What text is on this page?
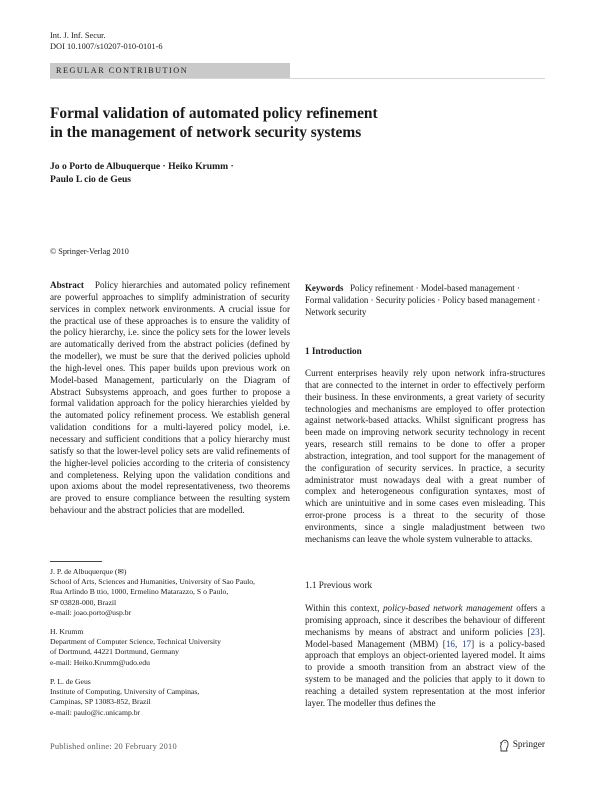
Int. J. Inf. Secur.
DOI 10.1007/s10207-010-0101-6
REGULAR CONTRIBUTION
Formal validation of automated policy refinement
in the management of network security systems
Jo o Porto de Albuquerque · Heiko Krumm ·
Paulo L cio de Geus
© Springer-Verlag 2010
Abstract Policy hierarchies and automated policy refinement are powerful approaches to simplify administration of security services in complex network environments. A crucial issue for the practical use of these approaches is to ensure the validity of the policy hierarchy, i.e. since the policy sets for the lower levels are automatically derived from the abstract policies (defined by the modeller), we must be sure that the derived policies uphold the high-level ones. This paper builds upon previous work on Model-based Management, particularly on the Diagram of Abstract Subsystems approach, and goes further to propose a formal validation approach for the policy hierarchies yielded by the automated policy refinement process. We establish general validation conditions for a multi-layered policy model, i.e. necessary and sufficient conditions that a policy hierarchy must satisfy so that the lower-level policy sets are valid refinements of the higher-level policies according to the criteria of consistency and completeness. Relying upon the validation conditions and upon axioms about the model representativeness, two theorems are proved to ensure compliance between the resulting system behaviour and the abstract policies that are modelled.
J. P. de Albuquerque (✉)
School of Arts, Sciences and Humanities, University of Sao Paulo,
Rua Arlindo B ttio, 1000, Ermelino Matarazzo, S o Paulo,
SP 03828-000, Brazil
e-mail: joao.porto@usp.br
H. Krumm
Department of Computer Science, Technical University
of Dortmund, 44221 Dortmund, Germany
e-mail: Heiko.Krumm@udo.edu
P. L. de Geus
Institute of Computing, University of Campinas,
Campinas, SP 13083-852, Brazil
e-mail: paulo@ic.unicamp.br
Keywords Policy refinement · Model-based management · Formal validation · Security policies · Policy based management · Network security
1 Introduction
Current enterprises heavily rely upon network infra-structures that are connected to the internet in order to effectively perform their business. In these environments, a great variety of security technologies and mechanisms are employed to offer protection against network-based attacks. Whilst significant progress has been made on improving network security technology in recent years, research still remains to be done to offer a proper abstraction, integration, and tool support for the management of the configuration of security services. In practice, a security administrator must nowadays deal with a great number of complex and heterogeneous configuration syntaxes, most of which are unintuitive and in some cases even misleading. This error-prone process is a threat to the security of those environments, since a single maladjustment between two mechanisms can leave the whole system vulnerable to attacks.
1.1 Previous work
Within this context, policy-based network management offers a promising approach, since it describes the behaviour of different mechanisms by means of abstract and uniform policies [23]. Model-based Management (MBM) [16, 17] is a policy-based approach that employs an object-oriented layered model. It aims to provide a smooth transition from an abstract view of the system to be managed and the policies that apply to it down to reaching a detailed system representation at the most inferior layer. The modeller thus defines the
Published online: 20 February 2010	Springer
